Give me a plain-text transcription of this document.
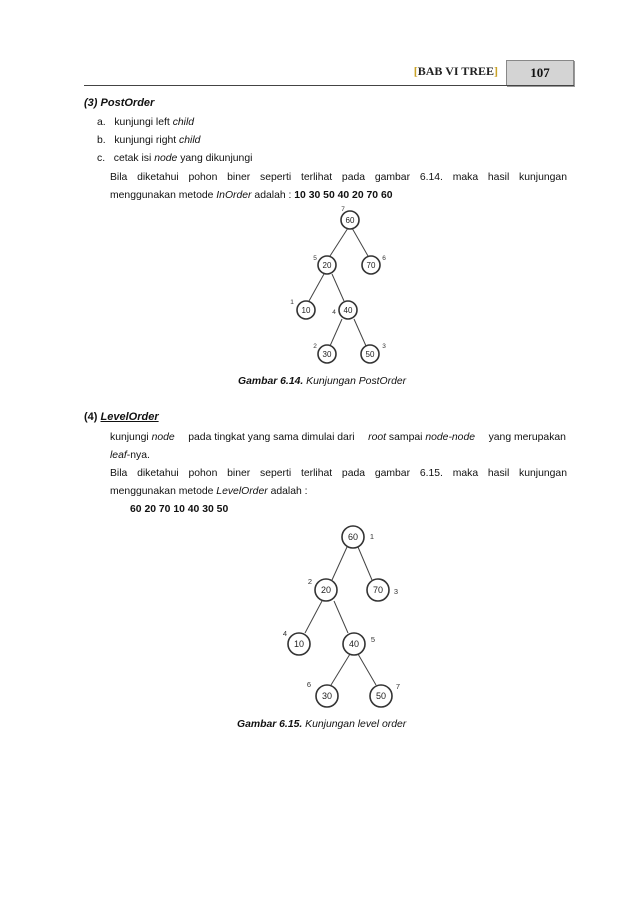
[BAB VI TREE]	107
(3) PostOrder
a. kunjungi left child
b. kunjungi right child
c. cetak isi node yang dikunjungi
Bila diketahui pohon biner seperti terlihat pada gambar 6.14. maka hasil kunjungan
menggunakan metode InOrder adalah : 10 30 50 40 20 70 60
60
7
20
5
70
6
10
1
40
4
30
2
50
3
Gambar 6.14. Kunjungan PostOrder
(4) LevelOrder
kunjungi node pada tingkat yang sama dimulai dari root sampai node-node yang merupakan
leaf-nya.
Bila diketahui pohon biner seperti terlihat pada gambar 6.15. maka hasil kunjungan
menggunakan metode LevelOrder adalah :
60 20 70 10 40 30 50
60 1
20
2
70 3
10
4
40 5
30
6
50
7
Gambar 6.15. Kunjungan level order
